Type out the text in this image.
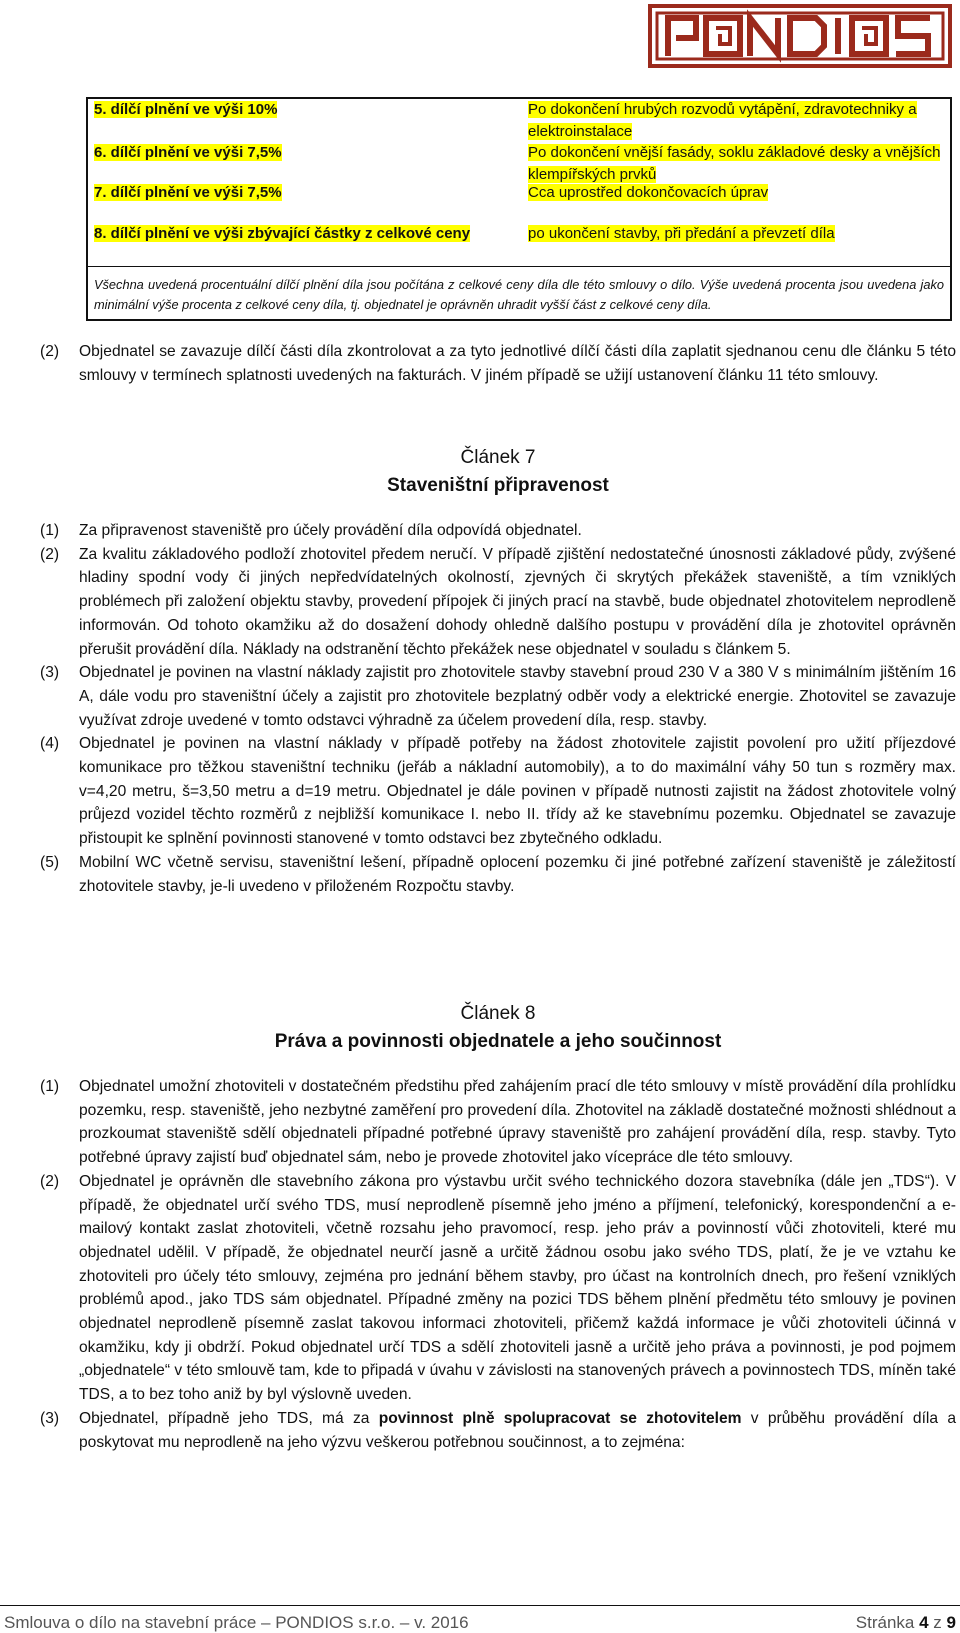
5. dílčí plnění ve výši 10%	Po dokončení hrubých rozvodů vytápění, zdravotechniky a elektroinstalace
6. dílčí plnění ve výši 7,5%	Po dokončení vnější fasády, soklu základové desky a vnějších klempířských prvků
7. dílčí plnění ve výši 7,5%	Cca uprostřed dokončovacích úprav
8. dílčí plnění ve výši zbývající částky z celkové ceny	po ukončení stavby, při předání a převzetí díla
Všechna uvedená procentuální dílčí plnění díla jsou počítána z celkové ceny díla dle této smlouvy o dílo. Výše uvedená procenta jsou uvedena jako minimální výše procenta z celkové ceny díla, tj. objednatel je oprávněn uhradit vyšší část z celkové ceny díla.
(2)	Objednatel se zavazuje dílčí části díla zkontrolovat a za tyto jednotlivé dílčí části díla zaplatit sjednanou cenu dle článku 5 této smlouvy v termínech splatnosti uvedených na fakturách. V jiném případě se užijí ustanovení článku 11 této smlouvy.
Článek 7
Staveništní připravenost
(1)	Za připravenost staveniště pro účely provádění díla odpovídá objednatel.
(2)	Za kvalitu základového podloží zhotovitel předem neručí. V případě zjištění nedostatečné únosnosti základové půdy, zvýšené hladiny spodní vody či jiných nepředvídatelných okolností, zjevných či skrytých překážek staveniště, a tím vzniklých problémech při založení objektu stavby, provedení přípojek či jiných prací na stavbě, bude objednatel zhotovitelem neprodleně informován. Od tohoto okamžiku až do dosažení dohody ohledně dalšího postupu v provádění díla je zhotovitel oprávněn přerušit provádění díla. Náklady na odstranění těchto překážek nese objednatel v souladu s článkem 5.
(3)	Objednatel je povinen na vlastní náklady zajistit pro zhotovitele stavby stavební proud 230 V a 380 V s minimálním jištěním 16 A, dále vodu pro staveništní účely a zajistit pro zhotovitele bezplatný odběr vody a elektrické energie. Zhotovitel se zavazuje využívat zdroje uvedené v tomto odstavci výhradně za účelem provedení díla, resp. stavby.
(4)	Objednatel je povinen na vlastní náklady v případě potřeby na žádost zhotovitele zajistit povolení pro užití příjezdové komunikace pro těžkou staveništní techniku (jeřáb a nákladní automobily), a to do maximální váhy 50 tun s rozměry max. v=4,20 metru, š=3,50 metru a d=19 metru. Objednatel je dále povinen v případě nutnosti zajistit na žádost zhotovitele volný průjezd vozidel těchto rozměrů z nejbližší komunikace I. nebo II. třídy až ke stavebnímu pozemku. Objednatel se zavazuje přistoupit ke splnění povinnosti stanovené v tomto odstavci bez zbytečného odkladu.
(5)	Mobilní WC včetně servisu, staveništní lešení, případně oplocení pozemku či jiné potřebné zařízení staveniště je záležitostí zhotovitele stavby, je-li uvedeno v přiloženém Rozpočtu stavby.
Článek 8
Práva a povinnosti objednatele a jeho součinnost
(1)	Objednatel umožní zhotoviteli v dostatečném předstihu před zahájením prací dle této smlouvy v místě provádění díla prohlídku pozemku, resp. staveniště, jeho nezbytné zaměření pro provedení díla. Zhotovitel na základě dostatečné možnosti shlédnout a prozkoumat staveniště sdělí objednateli případné potřebné úpravy staveniště pro zahájení provádění díla, resp. stavby. Tyto potřebné úpravy zajistí buď objednatel sám, nebo je provede zhotovitel jako vícepráce dle této smlouvy.
(2)	Objednatel je oprávněn dle stavebního zákona pro výstavbu určit svého technického dozora stavebníka (dále jen „TDS“). V případě, že objednatel určí svého TDS, musí neprodleně písemně jeho jméno a příjmení, telefonický, korespondenční a e-mailový kontakt zaslat zhotoviteli, včetně rozsahu jeho pravomocí, resp. jeho práv a povinností vůči zhotoviteli, které mu objednatel udělil. V případě, že objednatel neurčí jasně a určitě žádnou osobu jako svého TDS, platí, že je ve vztahu ke zhotoviteli pro účely této smlouvy, zejména pro jednání během stavby, pro účast na kontrolních dnech, pro řešení vzniklých problémů apod., jako TDS sám objednatel. Případné změny na pozici TDS během plnění předmětu této smlouvy je povinen objednatel neprodleně písemně zaslat takovou informaci zhotoviteli, přičemž každá informace je vůči zhotoviteli účinná v okamžiku, kdy ji obdrží. Pokud objednatel určí TDS a sdělí zhotoviteli jasně a určitě jeho práva a povinnosti, je pod pojmem „objednatele“ v této smlouvě tam, kde to připadá v úvahu v závislosti na stanovených právech a povinnostech TDS, míněn také TDS, a to bez toho aniž by byl výslovně uveden.
(3)	Objednatel, případně jeho TDS, má za povinnost plně spolupracovat se zhotovitelem v průběhu provádění díla a poskytovat mu neprodleně na jeho výzvu veškerou potřebnou součinnost, a to zejména:
Smlouva o dílo na stavební práce – PONDIOS s.r.o. – v. 2016	Stránka 4 z 9
